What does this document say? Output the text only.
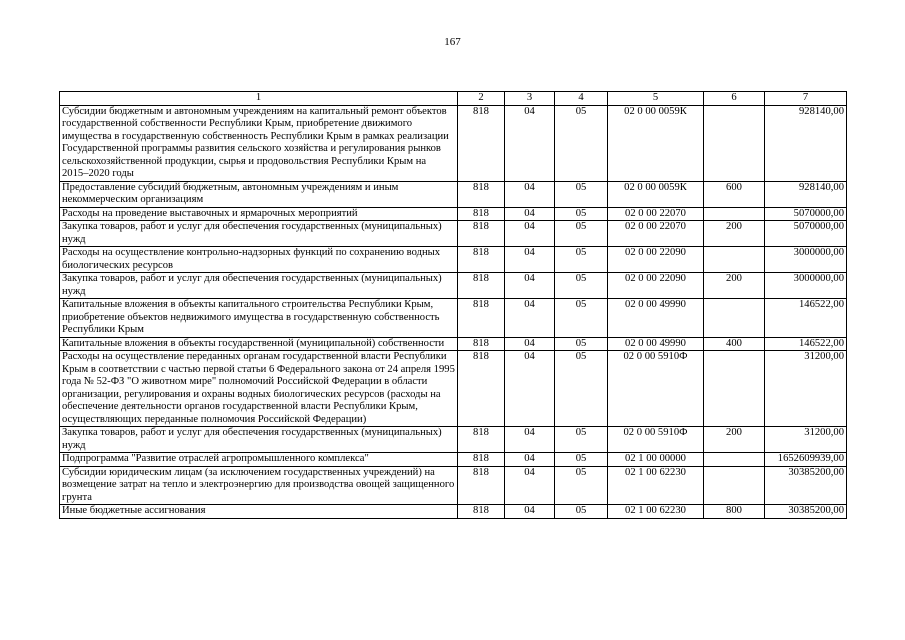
167
1	2	3	4	5	6	7
Субсидии бюджетным и автономным учреждениям на капитальный ремонт объектов государственной собственности Республики Крым, приобретение движимого имущества в государственную собственность Республики Крым в рамках реализации Государственной программы развития сельского хозяйства и регулирования рынков сельскохозяйственной продукции, сырья и продовольствия Республики Крым на 2015–2020 годы	818	04	05	02 0 00 0059К		928140,00
Предоставление субсидий бюджетным, автономным учреждениям и иным некоммерческим организациям	818	04	05	02 0 00 0059К	600	928140,00
Расходы на проведение выставочных и ярмарочных мероприятий	818	04	05	02 0 00 22070		5070000,00
Закупка товаров, работ и услуг для обеспечения государственных (муниципальных) нужд	818	04	05	02 0 00 22070	200	5070000,00
Расходы на осуществление контрольно-надзорных функций по сохранению водных биологических ресурсов	818	04	05	02 0 00 22090		3000000,00
Закупка товаров, работ и услуг для обеспечения государственных (муниципальных) нужд	818	04	05	02 0 00 22090	200	3000000,00
Капитальные вложения в объекты капитального строительства Республики Крым, приобретение объектов недвижимого имущества в государственную собственность Республики Крым	818	04	05	02 0 00 49990		146522,00
Капитальные вложения в объекты государственной (муниципальной) собственности	818	04	05	02 0 00 49990	400	146522,00
Расходы на осуществление переданных органам государственной власти Республики Крым в соответствии с частью первой статьи 6 Федерального закона от 24 апреля 1995 года № 52-ФЗ "О животном мире" полномочий Российской Федерации в области организации, регулирования и охраны водных биологических ресурсов (расходы на обеспечение деятельности органов государственной власти Республики Крым, осуществляющих переданные полномочия Российской Федерации)	818	04	05	02 0 00 5910Ф		31200,00
Закупка товаров, работ и услуг для обеспечения государственных (муниципальных) нужд	818	04	05	02 0 00 5910Ф	200	31200,00
Подпрограмма "Развитие отраслей агропромышленного комплекса"	818	04	05	02 1 00 00000		1652609939,00
Субсидии юридическим лицам (за исключением государственных учреждений) на возмещение затрат на тепло и электроэнергию для производства овощей защищенного грунта	818	04	05	02 1 00 62230		30385200,00
Иные бюджетные ассигнования	818	04	05	02 1 00 62230	800	30385200,00
